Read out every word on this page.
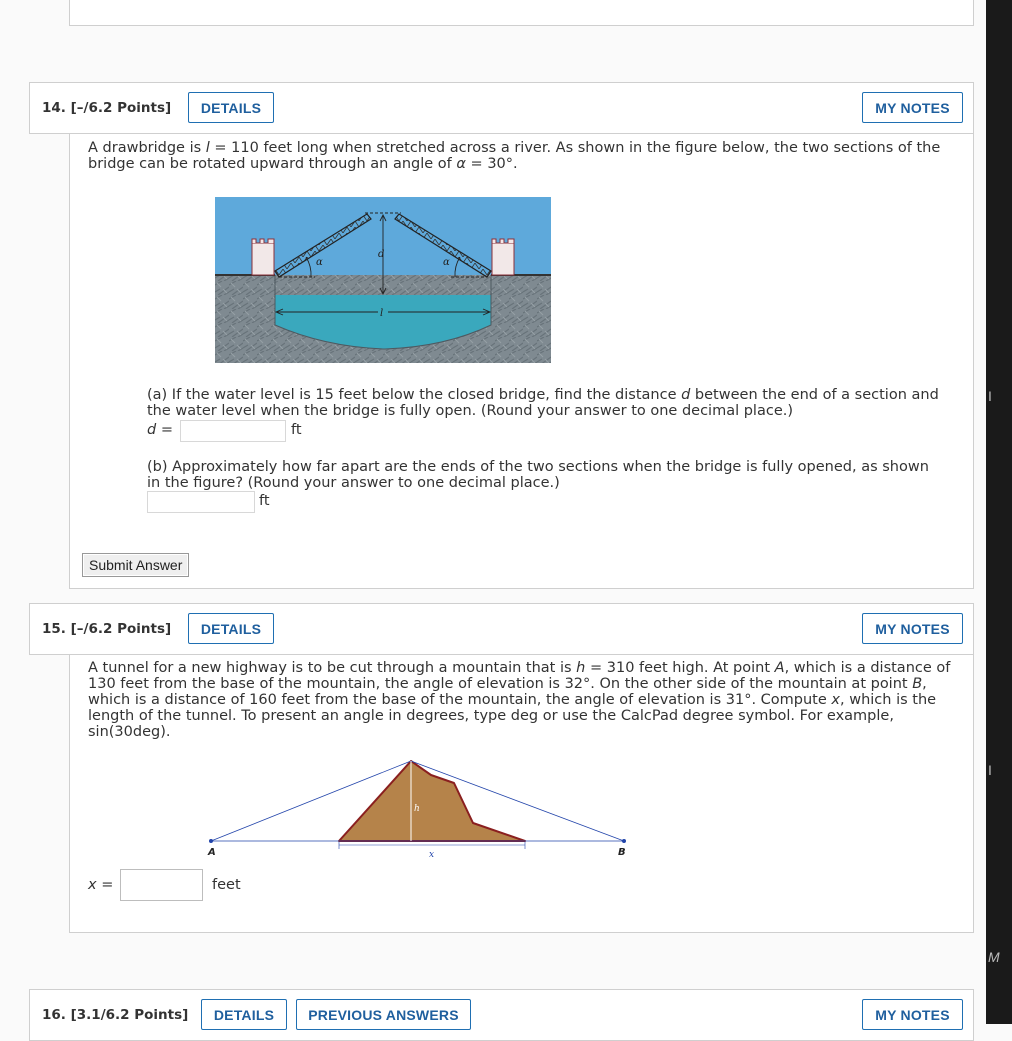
14. [–/6.2 Points]	DETAILS	MY NOTES
A drawbridge is l = 110 feet long when stretched across a river. As shown in the figure below, the two sections of the bridge can be rotated upward through an angle of α = 30°.
α	α
d
l
(a) If the water level is 15 feet below the closed bridge, find the distance d between the end of a section and the water level when the bridge is fully open. (Round your answer to one decimal place.)
d =	ft
(b) Approximately how far apart are the ends of the two sections when the bridge is fully opened, as shown in the figure? (Round your answer to one decimal place.)
ft
Submit Answer
15. [–/6.2 Points]	DETAILS	MY NOTES
A tunnel for a new highway is to be cut through a mountain that is h = 310 feet high. At point A, which is a distance of 130 feet from the base of the mountain, the angle of elevation is 32°. On the other side of the mountain at point B, which is a distance of 160 feet from the base of the mountain, the angle of elevation is 31°. Compute x, which is the length of the tunnel. To present an angle in degrees, type deg or use the CalcPad degree symbol. For example, sin(30deg).
h
A	B
x
x =	feet
16. [3.1/6.2 Points]	DETAILS	PREVIOUS ANSWERS	MY NOTES
I
I
M
